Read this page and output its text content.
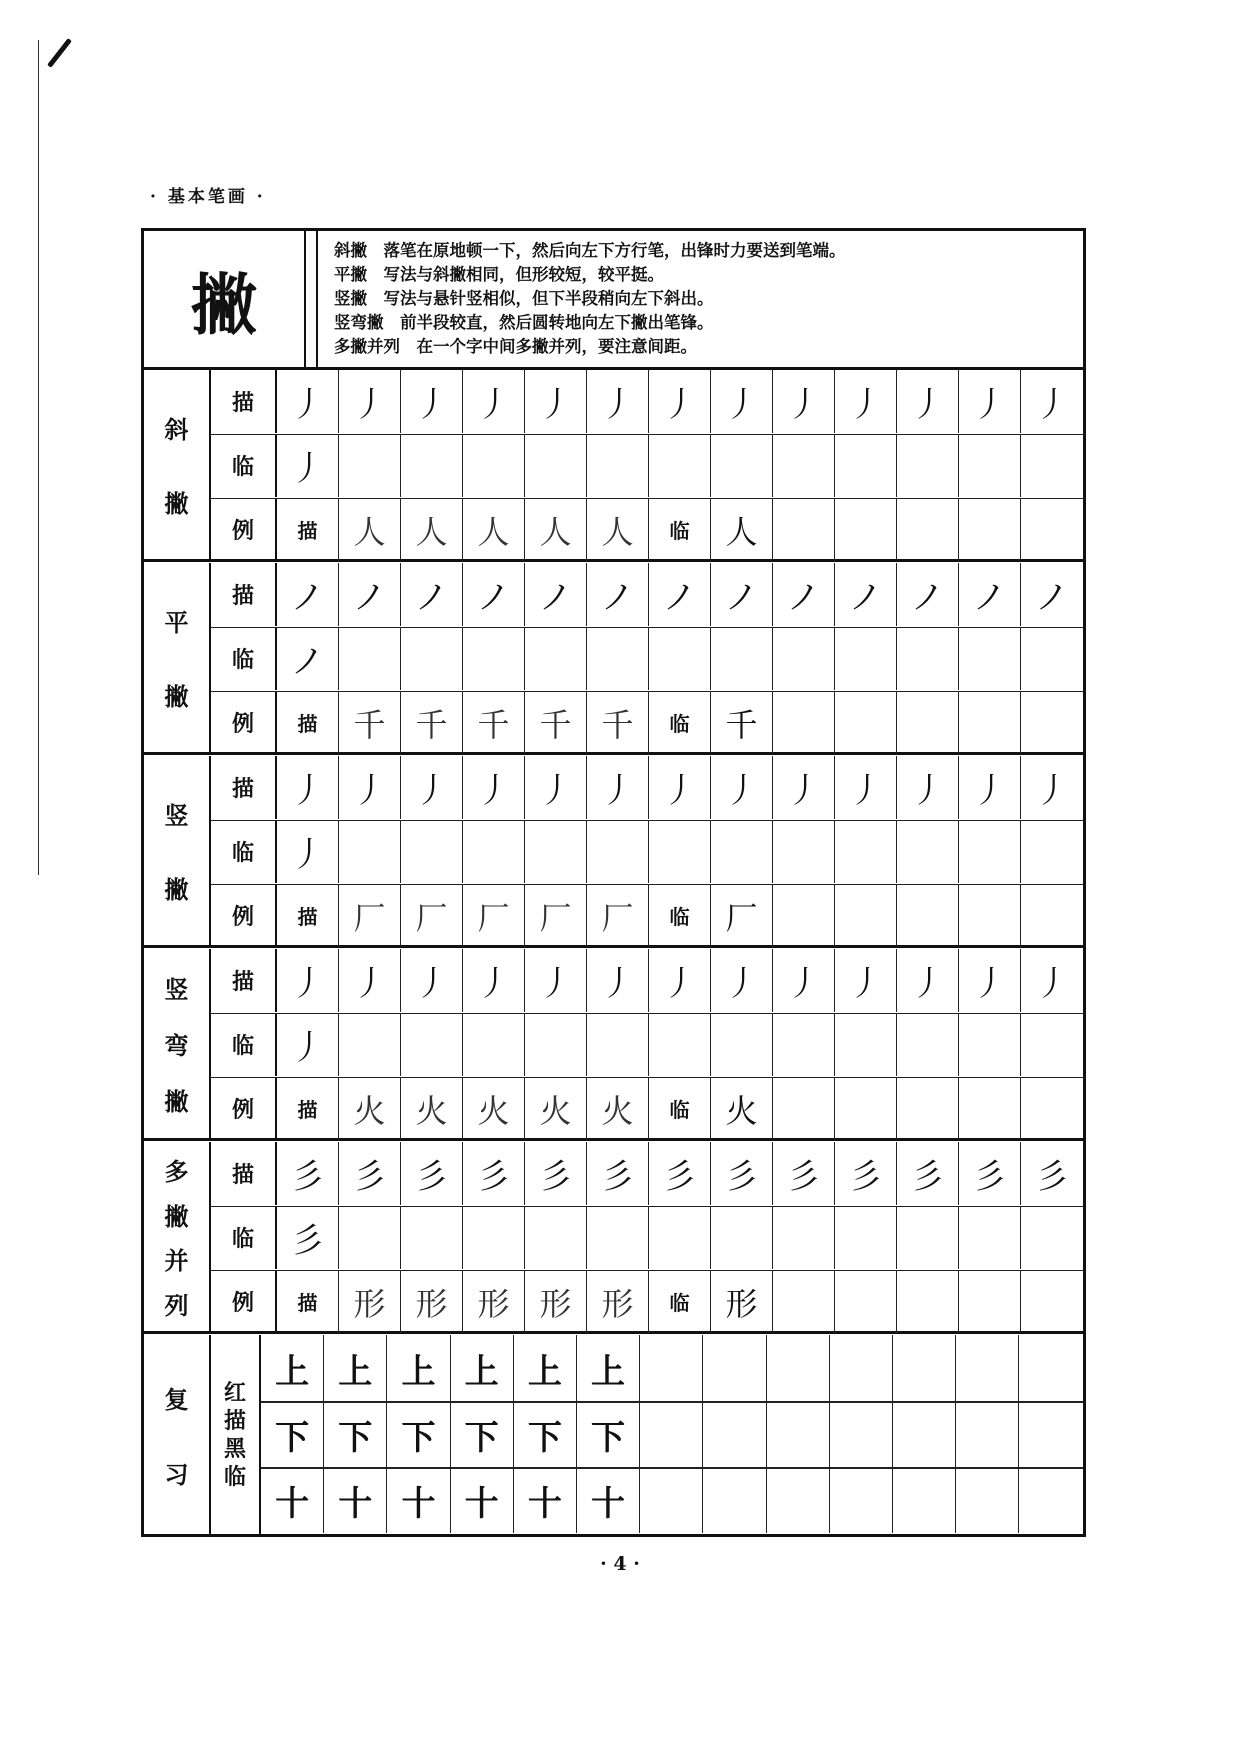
· 基本笔画 ·
撇
斜撇　落笔在原地顿一下，然后向左下方行笔，出锋时力要送到笔端。
平撇　写法与斜撇相同，但形较短，较平挺。
竖撇　写法与悬针竖相似，但下半段稍向左下斜出。
竖弯撇　前半段较直，然后圆转地向左下撇出笔锋。
多撇并列　在一个字中间多撇并列，要注意间距。
斜
撇
描	丿 丿 丿 丿 丿 丿 丿 丿 丿 丿 丿 丿 丿
临	丿
例	描	人 人 人 人 人	临	人
平
撇
描	ノ ノ ノ ノ ノ ノ ノ ノ ノ ノ ノ ノ ノ
临	ノ
例	描	千 千 千 千 千	临	千
竖
撇
描	丿 丿 丿 丿 丿 丿 丿 丿 丿 丿 丿 丿 丿
临	丿
例	描	厂 厂 厂 厂 厂	临	厂
竖
弯
撇
描	丿 丿 丿 丿 丿 丿 丿 丿 丿 丿 丿 丿 丿
临	丿
例	描	火 火 火 火 火	临	火
多
撇
并
列
描	彡 彡 彡 彡 彡 彡 彡 彡 彡 彡 彡 彡 彡
临	彡
例	描	形 形 形 形 形	临	形
复
习
红
描
黑
临
上 上 上 上 上 上
下 下 下 下 下 下
十 十 十 十 十 十
· 4 ·
